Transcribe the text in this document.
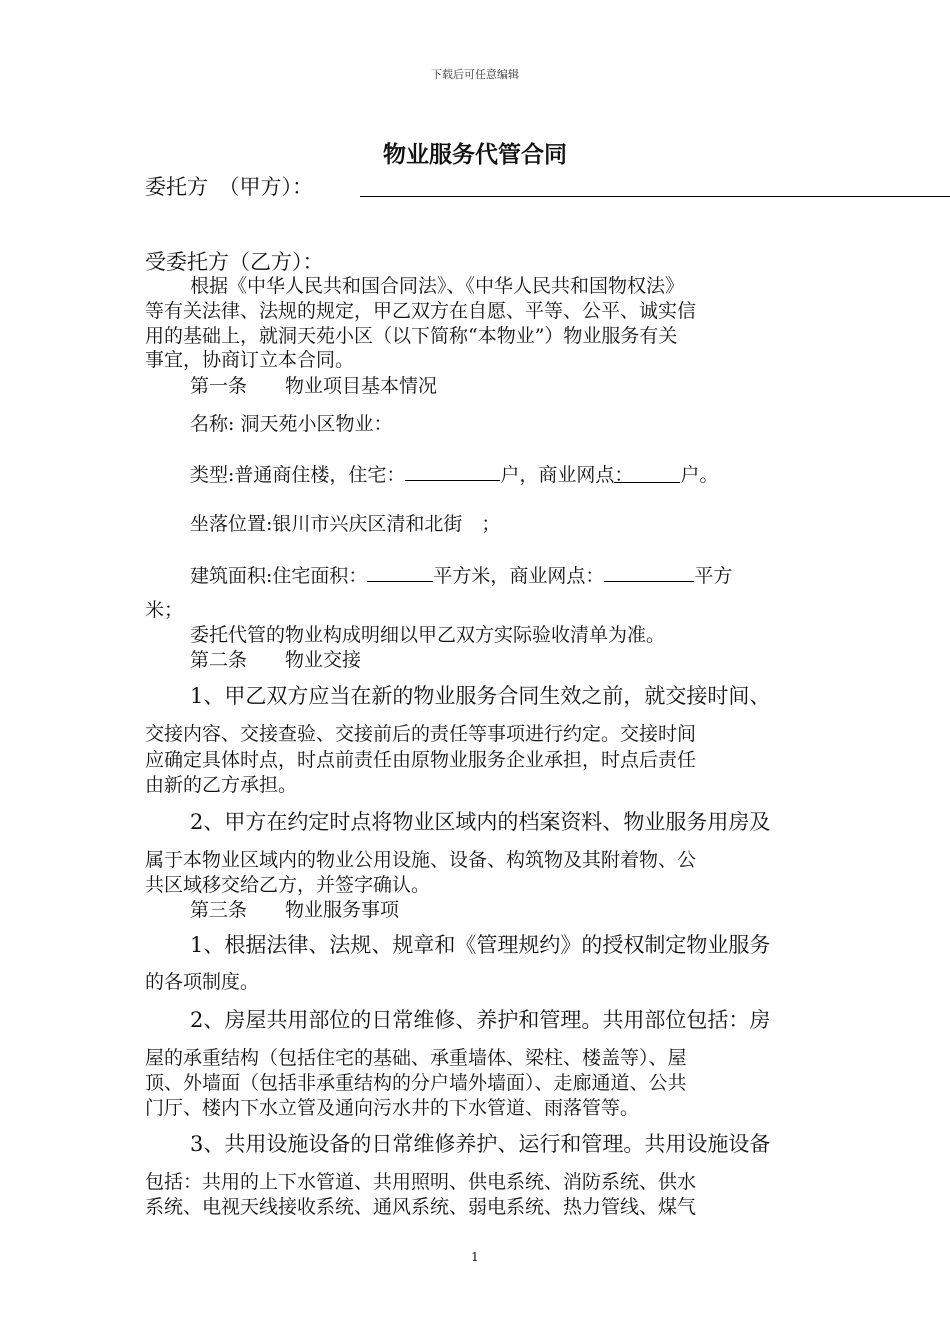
下载后可任意编辑
物业服务代管合同
委托方　（甲方）：
受委托方（乙方）：
根据《中华人民共和国合同法》、《中华人民共和国物权法》
等有关法律、法规的规定，甲乙双方在自愿、平等、公平、诚实信
用的基础上，就洞天苑小区（以下简称“本物业”）物业服务有关
事宜，协商订立本合同。
第一条　　物业项目基本情况
名称: 洞天苑小区物业：
类型:普通商住楼，住宅：	户，商业网点： 户。
坐落位置:银川市兴庆区清和北街　；
建筑面积:住宅面积：	平方米，商业网点：	平方
米；
委托代管的物业构成明细以甲乙双方实际验收清单为准。
第二条　　物业交接
1、甲乙双方应当在新的物业服务合同生效之前，就交接时间、
交接内容、交接查验、交接前后的责任等事项进行约定。交接时间
应确定具体时点，时点前责任由原物业服务企业承担，时点后责任
由新的乙方承担。
2、甲方在约定时点将物业区域内的档案资料、物业服务用房及
属于本物业区域内的物业公用设施、设备、构筑物及其附着物、公
共区域移交给乙方，并签字确认。
第三条　　物业服务事项
1、根据法律、法规、规章和《管理规约》的授权制定物业服务
的各项制度。
2、房屋共用部位的日常维修、养护和管理。共用部位包括：房
屋的承重结构（包括住宅的基础、承重墙体、梁柱、楼盖等）、屋
顶、外墙面（包括非承重结构的分户墙外墙面）、走廊通道、公共
门厅、楼内下水立管及通向污水井的下水管道、雨落管等。
3、共用设施设备的日常维修养护、运行和管理。共用设施设备
包括：共用的上下水管道、共用照明、供电系统、消防系统、供水
系统、电视天线接收系统、通风系统、弱电系统、热力管线、煤气
1
